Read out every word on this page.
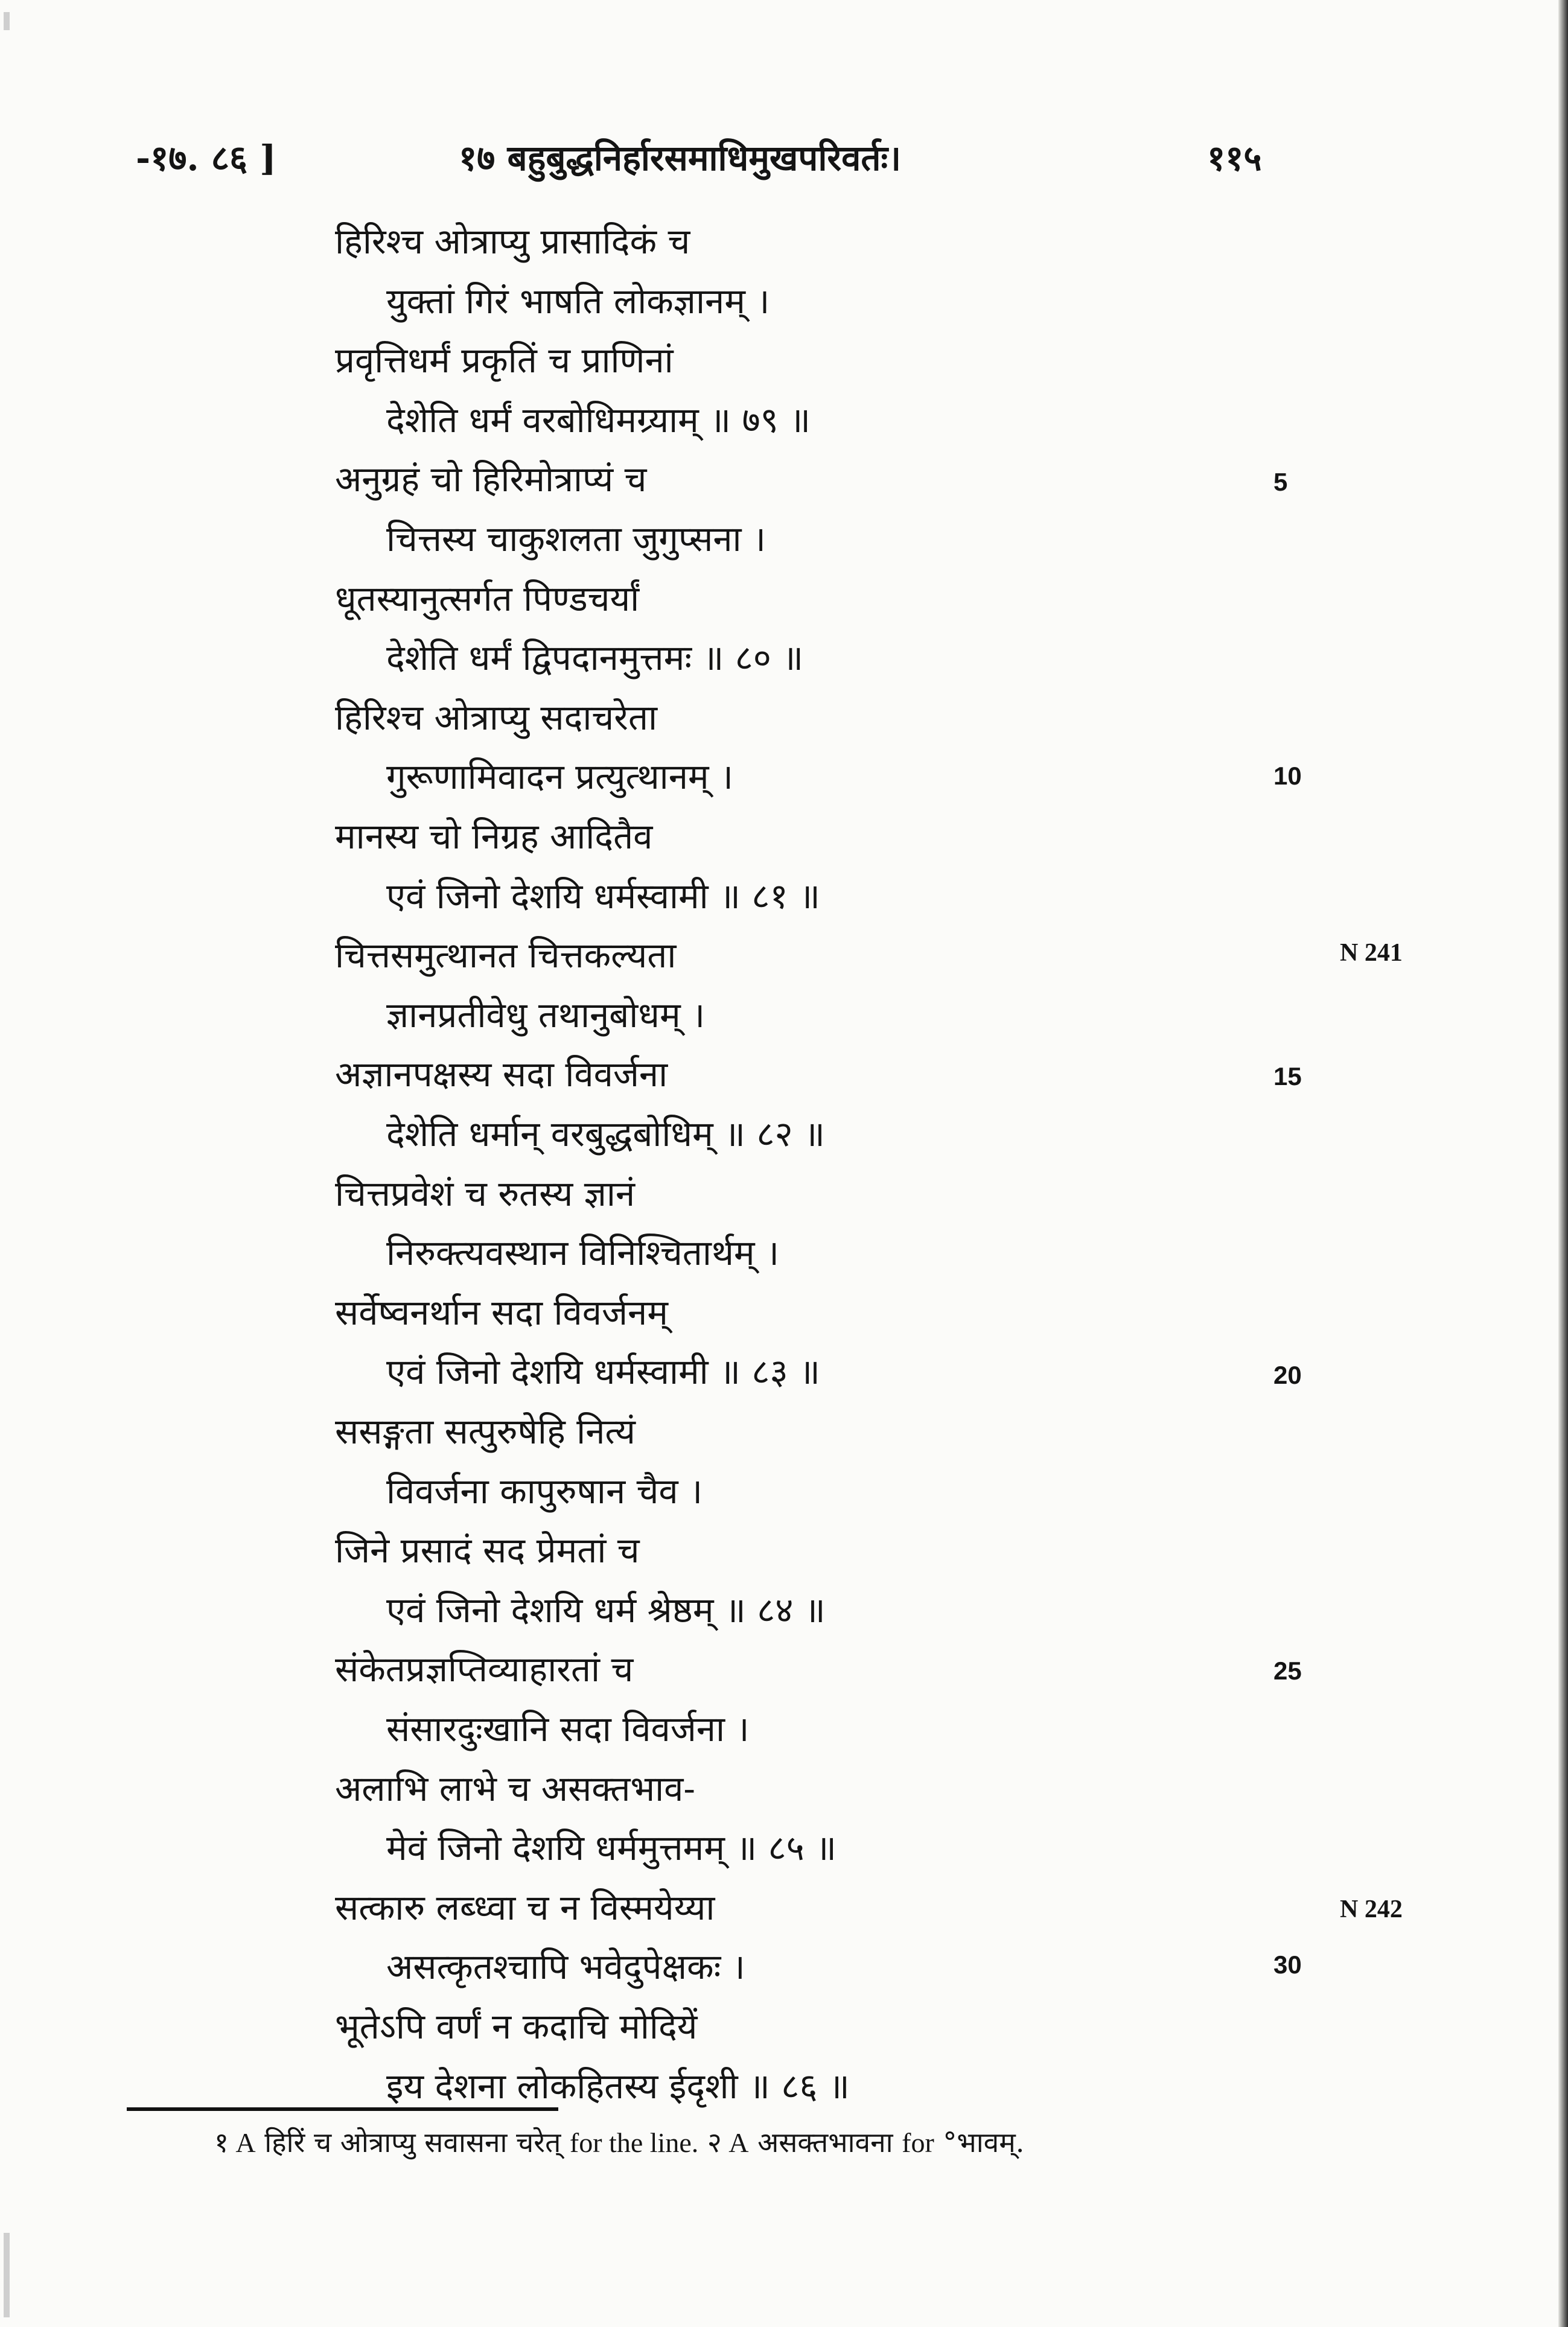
-१७. ८६ ]	१७ बहुबुद्धनिर्हारसमाधिमुखपरिवर्तः।	११५
हिरिश्च ओत्राप्यु प्रासादिकं च
युक्तां गिरं भाषति लोकज्ञानम् ।
प्रवृत्तिधर्मं प्रकृतिं च प्राणिनां
देशेति धर्मं वरबोधिमग्र्याम् ॥ ७९ ॥
अनुग्रहं चो हिरिमोत्राप्यं च
चित्तस्य चाकुशलता जुगुप्सना ।
धूतस्यानुत्सर्गत पिण्डचर्यां
देशेति धर्मं द्विपदानमुत्तमः ॥ ८० ॥
हिरिश्च ओत्राप्यु सदाचरेता
गुरूणामिवादन प्रत्युत्थानम् ।
मानस्य चो निग्रह आदितैव
एवं जिनो देशयि धर्मस्वामी ॥ ८१ ॥
चित्तसमुत्थानत चित्तकल्यता
ज्ञानप्रतीवेधु तथानुबोधम् ।
अज्ञानपक्षस्य सदा विवर्जना
देशेति धर्मान् वरबुद्धबोधिम् ॥ ८२ ॥
चित्तप्रवेशं च रुतस्य ज्ञानं
निरुक्त्यवस्थान विनिश्चितार्थम् ।
सर्वेष्वनर्थान सदा विवर्जनम्
एवं जिनो देशयि धर्मस्वामी ॥ ८३ ॥
ससङ्गता सत्पुरुषेहि नित्यं
विवर्जना कापुरुषान चैव ।
जिने प्रसादं सद प्रेमतां च
एवं जिनो देशयि धर्म श्रेष्ठम् ॥ ८४ ॥
संकेतप्रज्ञप्तिव्याहारतां च
संसारदुःखानि सदा विवर्जना ।
अलाभि लाभे च असक्तभाव-
मेवं जिनो देशयि धर्ममुत्तमम् ॥ ८५ ॥
सत्कारु लब्ध्वा च न विस्मयेय्या
असत्कृतश्चापि भवेदुपेक्षकः ।
भूतेऽपि वर्णं न कदाचि मोदियें
इय देशना लोकहितस्य ईदृशी ॥ ८६ ॥
5
10
15
20
25
30
N 241
N 242
१ A हिरिं च ओत्राप्यु सवासना चरेत् for the line. २ A असक्तभावना for °भावम्.
